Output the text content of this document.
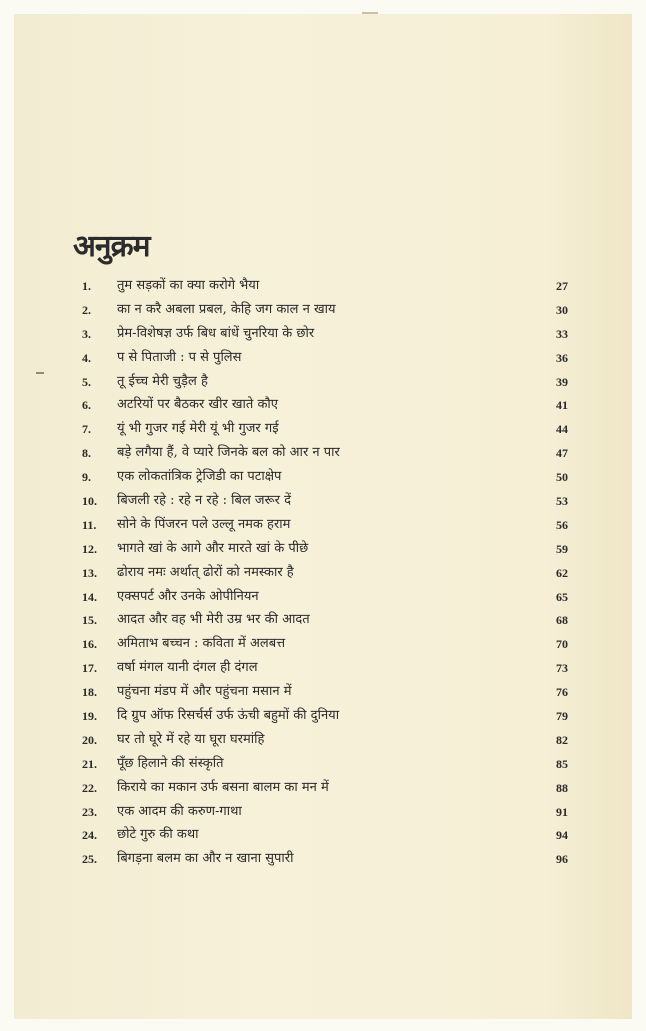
अनुक्रम
1.	तुम सड़कों का क्या करोगे भैया	27
2.	का न करै अबला प्रबल, केहि जग काल न खाय	30
3.	प्रेम-विशेषज्ञ उर्फ बिध बांधें चुनरिया के छोर	33
4.	प से पिताजी : प से पुलिस	36
5.	तू ईच्च मेरी चुड़ैल है	39
6.	अटरियों पर बैठकर खीर खाते कौए	41
7.	यूं भी गुजर गई मेरी यूं भी गुजर गई	44
8.	बड़े लगैया हैं, वे प्यारे जिनके बल को आर न पार	47
9.	एक लोकतांत्रिक ट्रेजिडी का पटाक्षेप	50
10.	बिजली रहे : रहे न रहे : बिल जरूर दें	53
11.	सोने के पिंजरन पले उल्लू नमक हराम	56
12.	भागते खां के आगे और मारते खां के पीछे	59
13.	ढोराय नमः अर्थात् ढोरों को नमस्कार है	62
14.	एक्सपर्ट और उनके ओपीनियन	65
15.	आदत और वह भी मेरी उम्र भर की आदत	68
16.	अमिताभ बच्चन : कविता में अलबत्त	70
17.	वर्षा मंगल यानी दंगल ही दंगल	73
18.	पहुंचना मंडप में और पहुंचना मसान में	76
19.	दि ग्रुप ऑफ रिसर्चर्स उर्फ ऊंची बहुमों की दुनिया	79
20.	घर तो घूरे में रहे या घूरा घरमांहि	82
21.	पूँछ हिलाने की संस्कृति	85
22.	किराये का मकान उर्फ बसना बालम का मन में	88
23.	एक आदम की करुण-गाथा	91
24.	छोटे गुरु की कथा	94
25.	बिगड़ना बलम का और न खाना सुपारी	96
